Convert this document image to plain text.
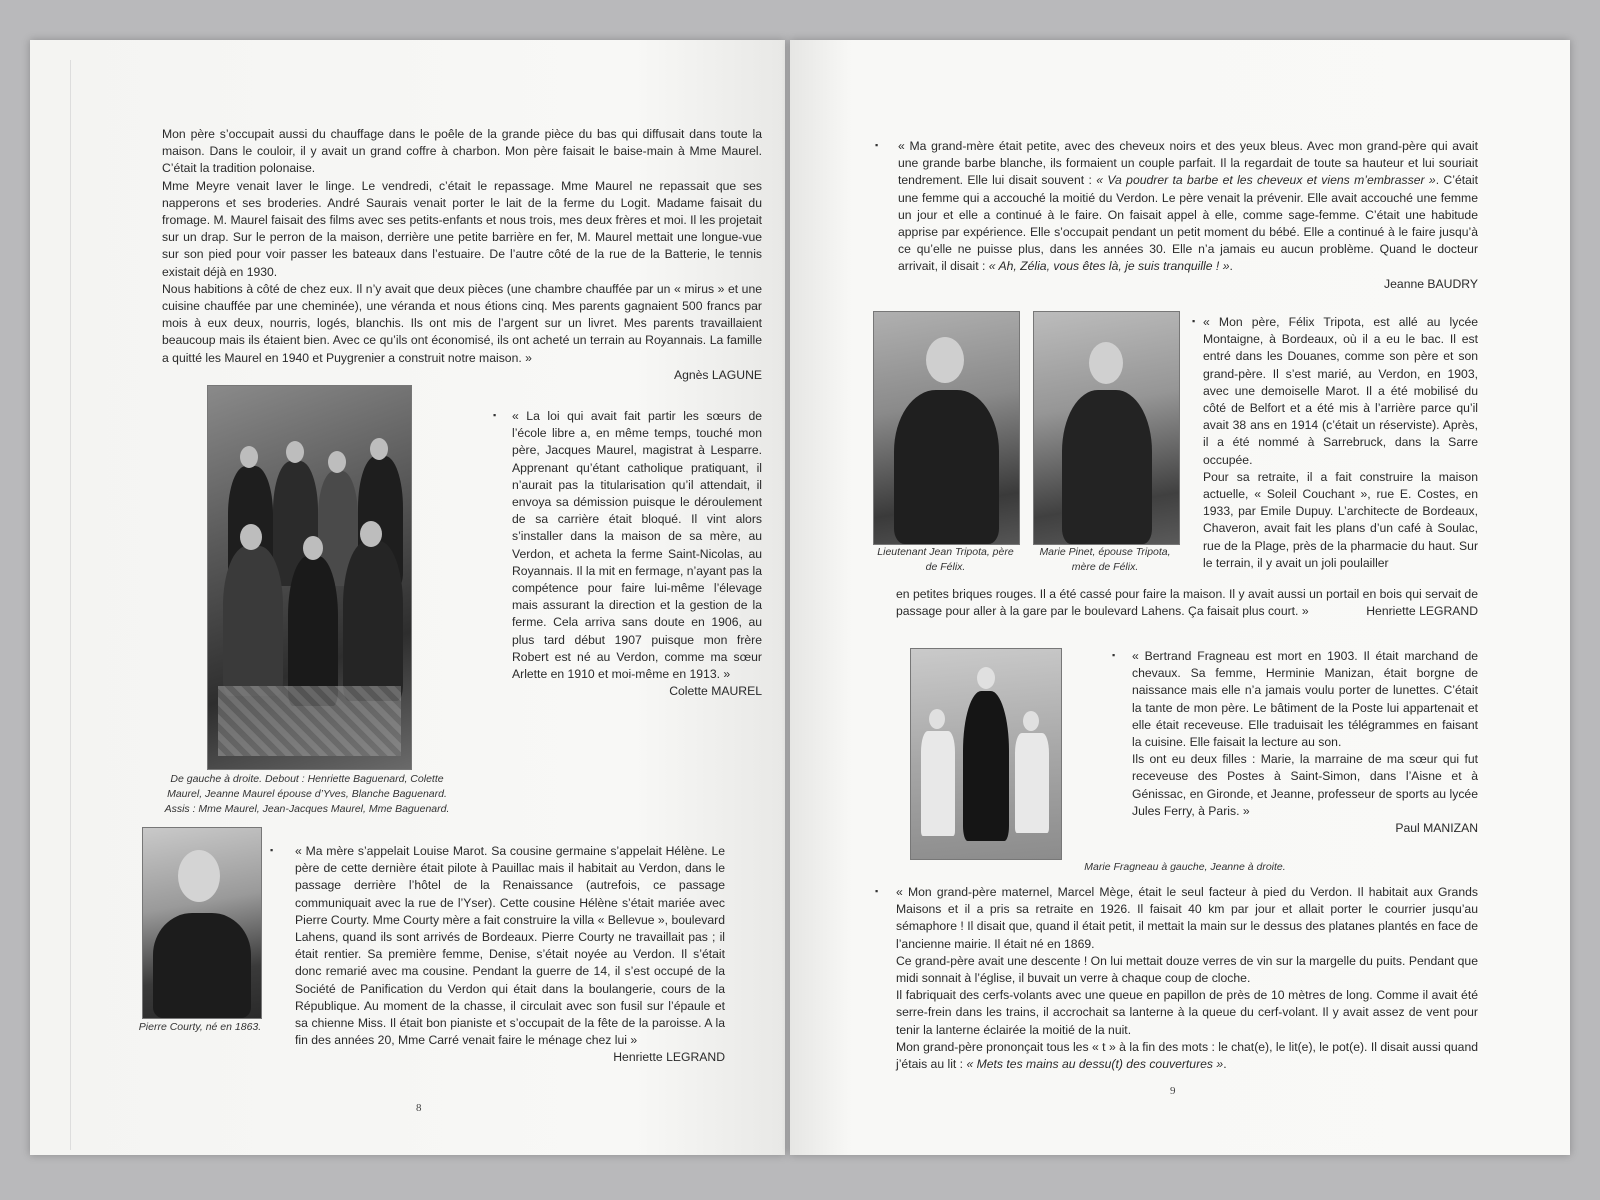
Mon père s’occupait aussi du chauffage dans le poêle de la grande pièce du bas qui diffusait dans toute la maison. Dans le couloir, il y avait un grand coffre à charbon. Mon père faisait le baise-main à Mme Maurel. C’était la tradition polonaise.

Mme Meyre venait laver le linge. Le vendredi, c’était le repassage. Mme Maurel ne repassait que ses napperons et ses broderies. André Saurais venait porter le lait de la ferme du Logit. Madame faisait du fromage. M. Maurel faisait des films avec ses petits-enfants et nous trois, mes deux frères et moi. Il les projetait sur un drap. Sur le perron de la maison, derrière une petite barrière en fer, M. Maurel mettait une longue-vue sur son pied pour voir passer les bateaux dans l’estuaire. De l’autre côté de la rue de la Batterie, le tennis existait déjà en 1930.

Nous habitions à côté de chez eux. Il n’y avait que deux pièces (une chambre chauffée par un « mirus » et une cuisine chauffée par une cheminée), une véranda et nous étions cinq. Mes parents gagnaient 500 francs par mois à eux deux, nourris, logés, blanchis. Ils ont mis de l’argent sur un livret. Mes parents travaillaient beaucoup mais ils étaient bien. Avec ce qu’ils ont économisé, ils ont acheté un terrain au Royannais. La famille a quitté les Maurel en 1940 et Puygrenier a construit notre maison. »

Agnès LAGUNE

De gauche à droite. Debout : Henriette Baguenard, Colette Maurel, Jeanne Maurel épouse d’Yves, Blanche Baguenard. Assis : Mme Maurel, Jean-Jacques Maurel, Mme Baguenard.
▪ « La loi qui avait fait partir les sœurs de l’école libre a, en même temps, touché mon père, Jacques Maurel, magistrat à Lesparre. Apprenant qu’étant catholique pratiquant, il n’aurait pas la titularisation qu’il attendait, il envoya sa démission puisque le déroulement de sa carrière était bloqué. Il vint alors s’installer dans la maison de sa mère, au Verdon, et acheta la ferme Saint-Nicolas, au Royannais. Il la mit en fermage, n’ayant pas la compétence pour faire lui-même l’élevage mais assurant la direction et la gestion de la ferme. Cela arriva sans doute en 1906, au plus tard début 1907 puisque mon frère Robert est né au Verdon, comme ma sœur Arlette en 1910 et moi-même en 1913. »

Colette MAUREL

Pierre Courty, né en 1863.
▪ « Ma mère s’appelait Louise Marot. Sa cousine germaine s’appelait Hélène. Le père de cette dernière était pilote à Pauillac mais il habitait au Verdon, dans le passage derrière l’hôtel de la Renaissance (autrefois, ce passage communiquait avec la rue de l’Yser). Cette cousine Hélène s’était mariée avec Pierre Courty. Mme Courty mère a fait construire la villa « Bellevue », boulevard Lahens, quand ils sont arrivés de Bordeaux. Pierre Courty ne travaillait pas ; il était rentier. Sa première femme, Denise, s’était noyée au Verdon. Il s’était donc remarié avec ma cousine. Pendant la guerre de 14, il s’est occupé de la Société de Panification du Verdon qui était dans la boulangerie, cours de la République. Au moment de la chasse, il circulait avec son fusil sur l’épaule et sa chienne Miss. Il était bon pianiste et s’occupait de la fête de la paroisse. A la fin des années 20, Mme Carré venait faire le ménage chez lui »

Henriette LEGRAND

8
▪ « Ma grand-mère était petite, avec des cheveux noirs et des yeux bleus. Avec mon grand-père qui avait une grande barbe blanche, ils formaient un couple parfait. Il la regardait de toute sa hauteur et lui souriait tendrement. Elle lui disait souvent : « Va poudrer ta barbe et les cheveux et viens m’embrasser ». C’était une femme qui a accouché la moitié du Verdon. Le père venait la prévenir. Elle avait accouché une femme un jour et elle a continué à le faire. On faisait appel à elle, comme sage-femme. C’était une habitude apprise par expérience. Elle s’occupait pendant un petit moment du bébé. Elle a continué à le faire jusqu’à ce qu’elle ne puisse plus, dans les années 30. Elle n’a jamais eu aucun problème. Quand le docteur arrivait, il disait : « Ah, Zélia, vous êtes là, je suis tranquille ! ».

Jeanne BAUDRY

Lieutenant Jean Tripota, père de Félix.
Marie Pinet, épouse Tripota, mère de Félix.
▪ « Mon père, Félix Tripota, est allé au lycée Montaigne, à Bordeaux, où il a eu le bac. Il est entré dans les Douanes, comme son père et son grand-père. Il s’est marié, au Verdon, en 1903, avec une demoiselle Marot. Il a été mobilisé du côté de Belfort et a été mis à l’arrière parce qu’il avait 38 ans en 1914 (c’était un réserviste). Après, il a été nommé à Sarrebruck, dans la Sarre occupée.

Pour sa retraite, il a fait construire la maison actuelle, « Soleil Couchant », rue E. Costes, en 1933, par Emile Dupuy. L’architecte de Bordeaux, Chaveron, avait fait les plans d’un café à Soulac, rue de la Plage, près de la pharmacie du haut. Sur le terrain, il y avait un joli poulailler

en petites briques rouges. Il a été cassé pour faire la maison. Il y avait aussi un portail en bois qui servait de passage pour aller à la gare par le boulevard Lahens. Ça faisait plus court. »	Henriette LEGRAND

Marie Fragneau à gauche, Jeanne à droite.
▪ « Bertrand Fragneau est mort en 1903. Il était marchand de chevaux. Sa femme, Herminie Manizan, était borgne de naissance mais elle n’a jamais voulu porter de lunettes. C’était la tante de mon père. Le bâtiment de la Poste lui appartenait et elle était receveuse. Elle traduisait les télégrammes en faisant la cuisine. Elle faisait la lecture au son.

Ils ont eu deux filles : Marie, la marraine de ma sœur qui fut receveuse des Postes à Saint-Simon, dans l’Aisne et à Génissac, en Gironde, et Jeanne, professeur de sports au lycée Jules Ferry, à Paris. »

Paul MANIZAN

▪ « Mon grand-père maternel, Marcel Mège, était le seul facteur à pied du Verdon. Il habitait aux Grands Maisons et il a pris sa retraite en 1926. Il faisait 40 km par jour et allait porter le courrier jusqu’au sémaphore ! Il disait que, quand il était petit, il mettait la main sur le dessus des platanes plantés en face de l’ancienne mairie. Il était né en 1869.

Ce grand-père avait une descente ! On lui mettait douze verres de vin sur la margelle du puits. Pendant que midi sonnait à l’église, il buvait un verre à chaque coup de cloche.

Il fabriquait des cerfs-volants avec une queue en papillon de près de 10 mètres de long. Comme il avait été serre-frein dans les trains, il accrochait sa lanterne à la queue du cerf-volant. Il y avait assez de vent pour tenir la lanterne éclairée la moitié de la nuit.

Mon grand-père prononçait tous les « t » à la fin des mots : le chat(e), le lit(e), le pot(e). Il disait aussi quand j’étais au lit : « Mets tes mains au dessu(t) des couvertures ».

9
